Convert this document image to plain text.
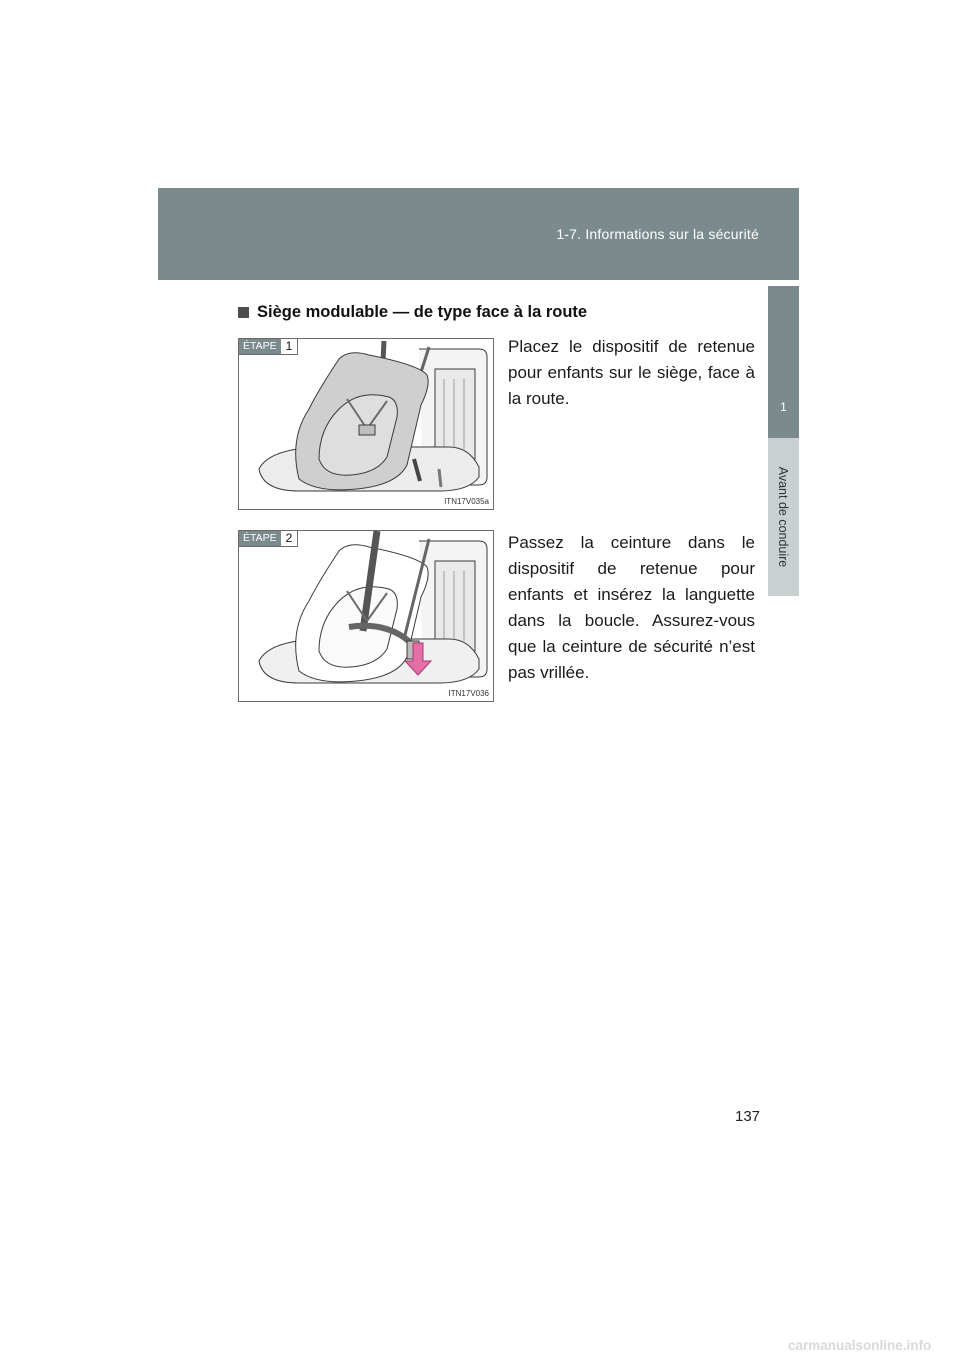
1-7. Informations sur la sécurité
1
Avant de conduire
Siège modulable — de type face à la route
ÉTAPE 1
ITN17V035a

Placez le dispositif de retenue pour enfants sur le siège, face à la route.

ÉTAPE 2
ITN17V036

Passez la ceinture dans le dispositif de retenue pour enfants et insérez la languette dans la boucle. Assurez-vous que la ceinture de sécurité n’est pas vrillée.

137
carmanualsonline.info
